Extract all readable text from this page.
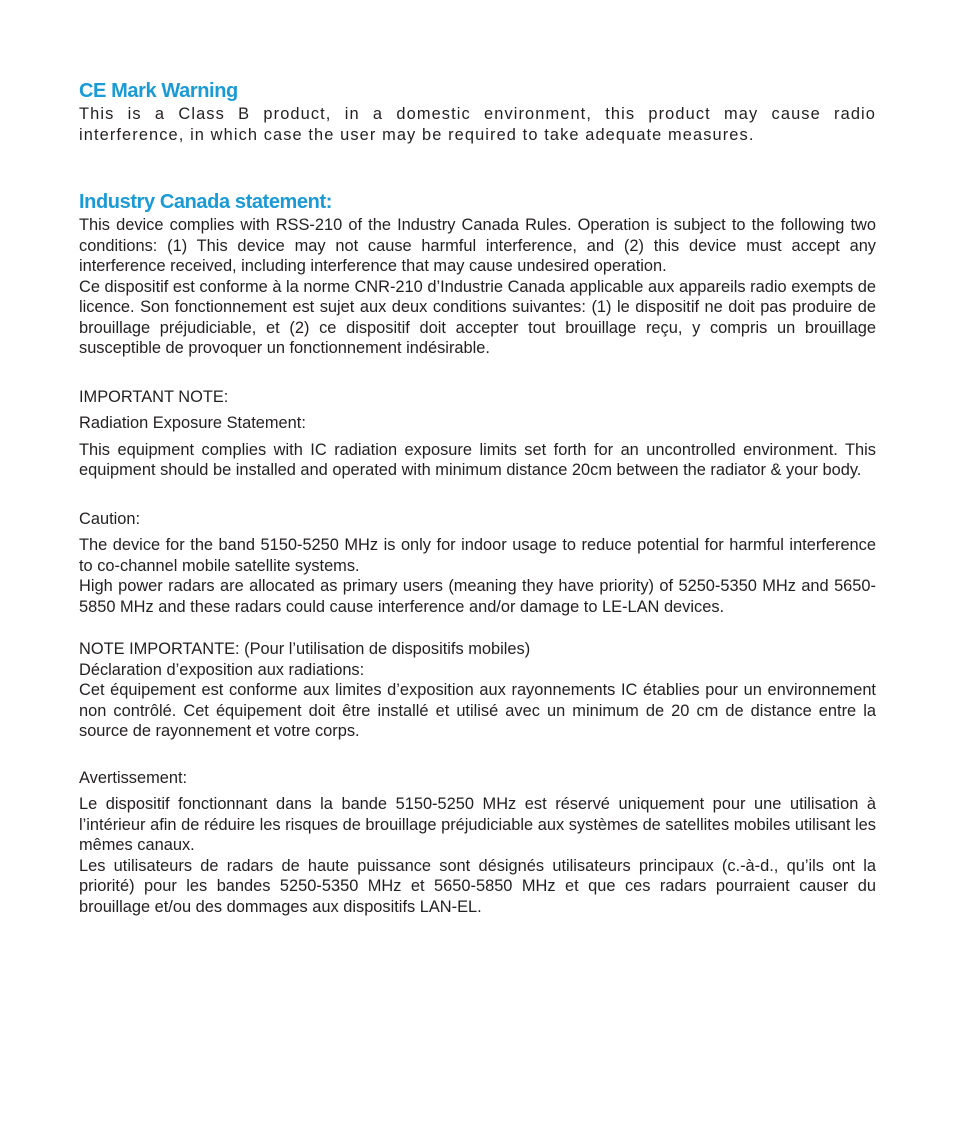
CE Mark Warning

This is a Class B product, in a domestic environment, this product may cause radio interference, in which case the user may be required to take adequate measures.

Industry Canada statement:

This device complies with RSS-210 of the Industry Canada Rules. Operation is subject to the following two conditions: (1) This device may not cause harmful interference, and (2) this device must accept any interference received, including interference that may cause undesired operation.

Ce dispositif est conforme à la norme CNR-210 d’Industrie Canada applicable aux appareils radio exempts de licence. Son fonctionnement est sujet aux deux conditions suivantes: (1) le dispositif ne doit pas produire de brouillage préjudiciable, et (2) ce dispositif doit accepter tout brouillage reçu, y compris un brouillage susceptible de provoquer un fonctionnement indésirable.

IMPORTANT NOTE:

Radiation Exposure Statement:

This equipment complies with IC radiation exposure limits set forth for an uncontrolled environment. This equipment should be installed and operated with minimum distance 20cm between the radiator & your body.

Caution:

The device for the band 5150-5250 MHz is only for indoor usage to reduce potential for harmful interference to co-channel mobile satellite systems.

High power radars are allocated as primary users (meaning they have priority) of 5250-5350 MHz and 5650-5850 MHz and these radars could cause interference and/or damage to LE-LAN devices.

NOTE IMPORTANTE: (Pour l’utilisation de dispositifs mobiles)

Déclaration d’exposition aux radiations:

Cet équipement est conforme aux limites d’exposition aux rayonnements IC établies pour un environnement non contrôlé. Cet équipement doit être installé et utilisé avec un minimum de 20 cm de distance entre la source de rayonnement et votre corps.

Avertissement:

Le dispositif fonctionnant dans la bande 5150-5250 MHz est réservé uniquement pour une utilisation à l’intérieur afin de réduire les risques de brouillage préjudiciable aux systèmes de satellites mobiles utilisant les mêmes canaux.

Les utilisateurs de radars de haute puissance sont désignés utilisateurs principaux (c.-à-d., qu’ils ont la priorité) pour les bandes 5250-5350 MHz et 5650-5850 MHz et que ces radars pourraient causer du brouillage et/ou des dommages aux dispositifs LAN-EL.
